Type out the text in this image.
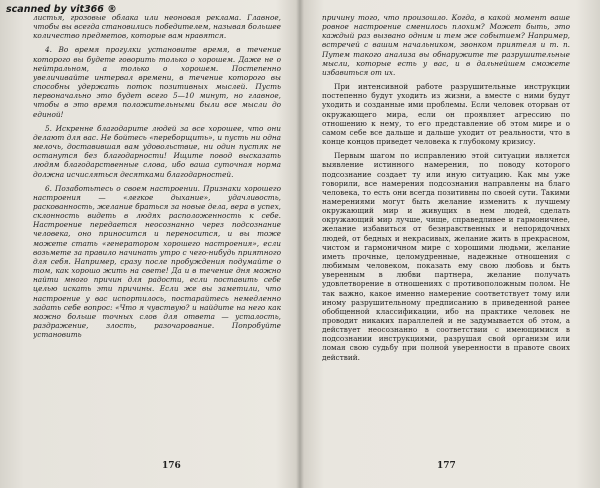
scanned by vit366 ®

листья, грозовые облака или неоновая реклама. Главное, чтобы вы всегда становились победителем, называя большее количество предметов, которые вам нравятся.

4. Во время прогулки установите время, в течение которого вы будете говорить только о хорошем. Даже не о нейтральном, а только о хорошем. Постепенно увеличивайте интервал времени, в течение которого вы способны удержать поток позитивных мыслей. Пусть первоначально это будет всего 5—10 минут, но главное, чтобы в это время положительными были все мысли до единой!

5. Искренне благодарите людей за все хорошее, что они делают для вас. Не бойтесь «переборщить», и пусть ни одна мелочь, доставившая вам удовольствие, ни один пустяк не останутся без благодарности! Ищите повод высказать людям благодарственные слова, ибо ваша суточная норма должна исчисляться десятками благодарностей.

6. Позаботьтесь о своем настроении. Признаки хорошего настроения — «легкое дыхание», удачливость, раскованность, желание браться за новые дела, вера в успех, склонность видеть в людях расположенность к себе. Настроение передается неосознанно через подсознание человека, оно приносится и переносится, и вы тоже можете стать «генератором хорошего настроения», если возьмете за правило начинать утро с чего-нибудь приятного для себя. Например, сразу после пробуждения подумайте о том, как хорошо жить на свете! Да и в течение дня можно найти много причин для радости, если поставить себе целью искать эти причины. Если же вы заметили, что настроение у вас испортилось, постарайтесь немедленно задать себе вопрос: «Что я чувствую? и найдите на него как можно больше точных слов для ответа — усталость, раздражение, злость, разочарование. Попробуйте установить

причину того, что произошло. Когда, в какой момент ваше ровное настроение сменилось плохим? Может быть, это каждый раз вызвано одним и тем же событием? Например, встречей с вашим начальником, звонком приятеля и т. п. Путем такого анализа вы обнаружите те разрушительные мысли, которые есть у вас, и в дальнейшем сможете избавиться от их.

При интенсивной работе разрушительные инструкции постепенно будут уходить из жизни, а вместе с ними будут уходить и созданные ими проблемы. Если человек оторван от окружающего мира, если он проявляет агрессию по отношению к нему, то его представление об этом мире и о самом себе все дальше и дальше уходит от реальности, что в конце концов приведет человека к глубокому кризису.

Первым шагом по исправлению этой ситуации является выявление истинного намерения, по поводу которого подсознание создает ту или иную ситуацию. Как мы уже говорили, все намерения подсознания направлены на благо человека, то есть они всегда позитивны по своей сути. Такими намерениями могут быть желание изменить к лучшему окружающий мир и живущих в нем людей, сделать окружающий мир лучше, чище, справедливее и гармоничнее, желание избавиться от безнравственных и непорядочных людей, от бедных и некрасивых, желание жить в прекрасном, чистом и гармоничном мире с хорошими людьми, желание иметь прочные, целомудренные, надежные отношения с любимым человеком, показать ему свою любовь и быть уверенным в любви партнера, желание получать удовлетворение в отношениях с противоположным полом. Не так важно, какое именно намерение соответствует тому или иному разрушительному предписанию в приведенной ранее обобщенной классификации, ибо на практике человек не проводит никаких параллелей и не задумывается об этом, а действует неосознанно в соответствии с имеющимися в подсознании инструкциями, разрушая свой организм или ломая свою судьбу при полной уверенности в правоте своих действий.

176	177
